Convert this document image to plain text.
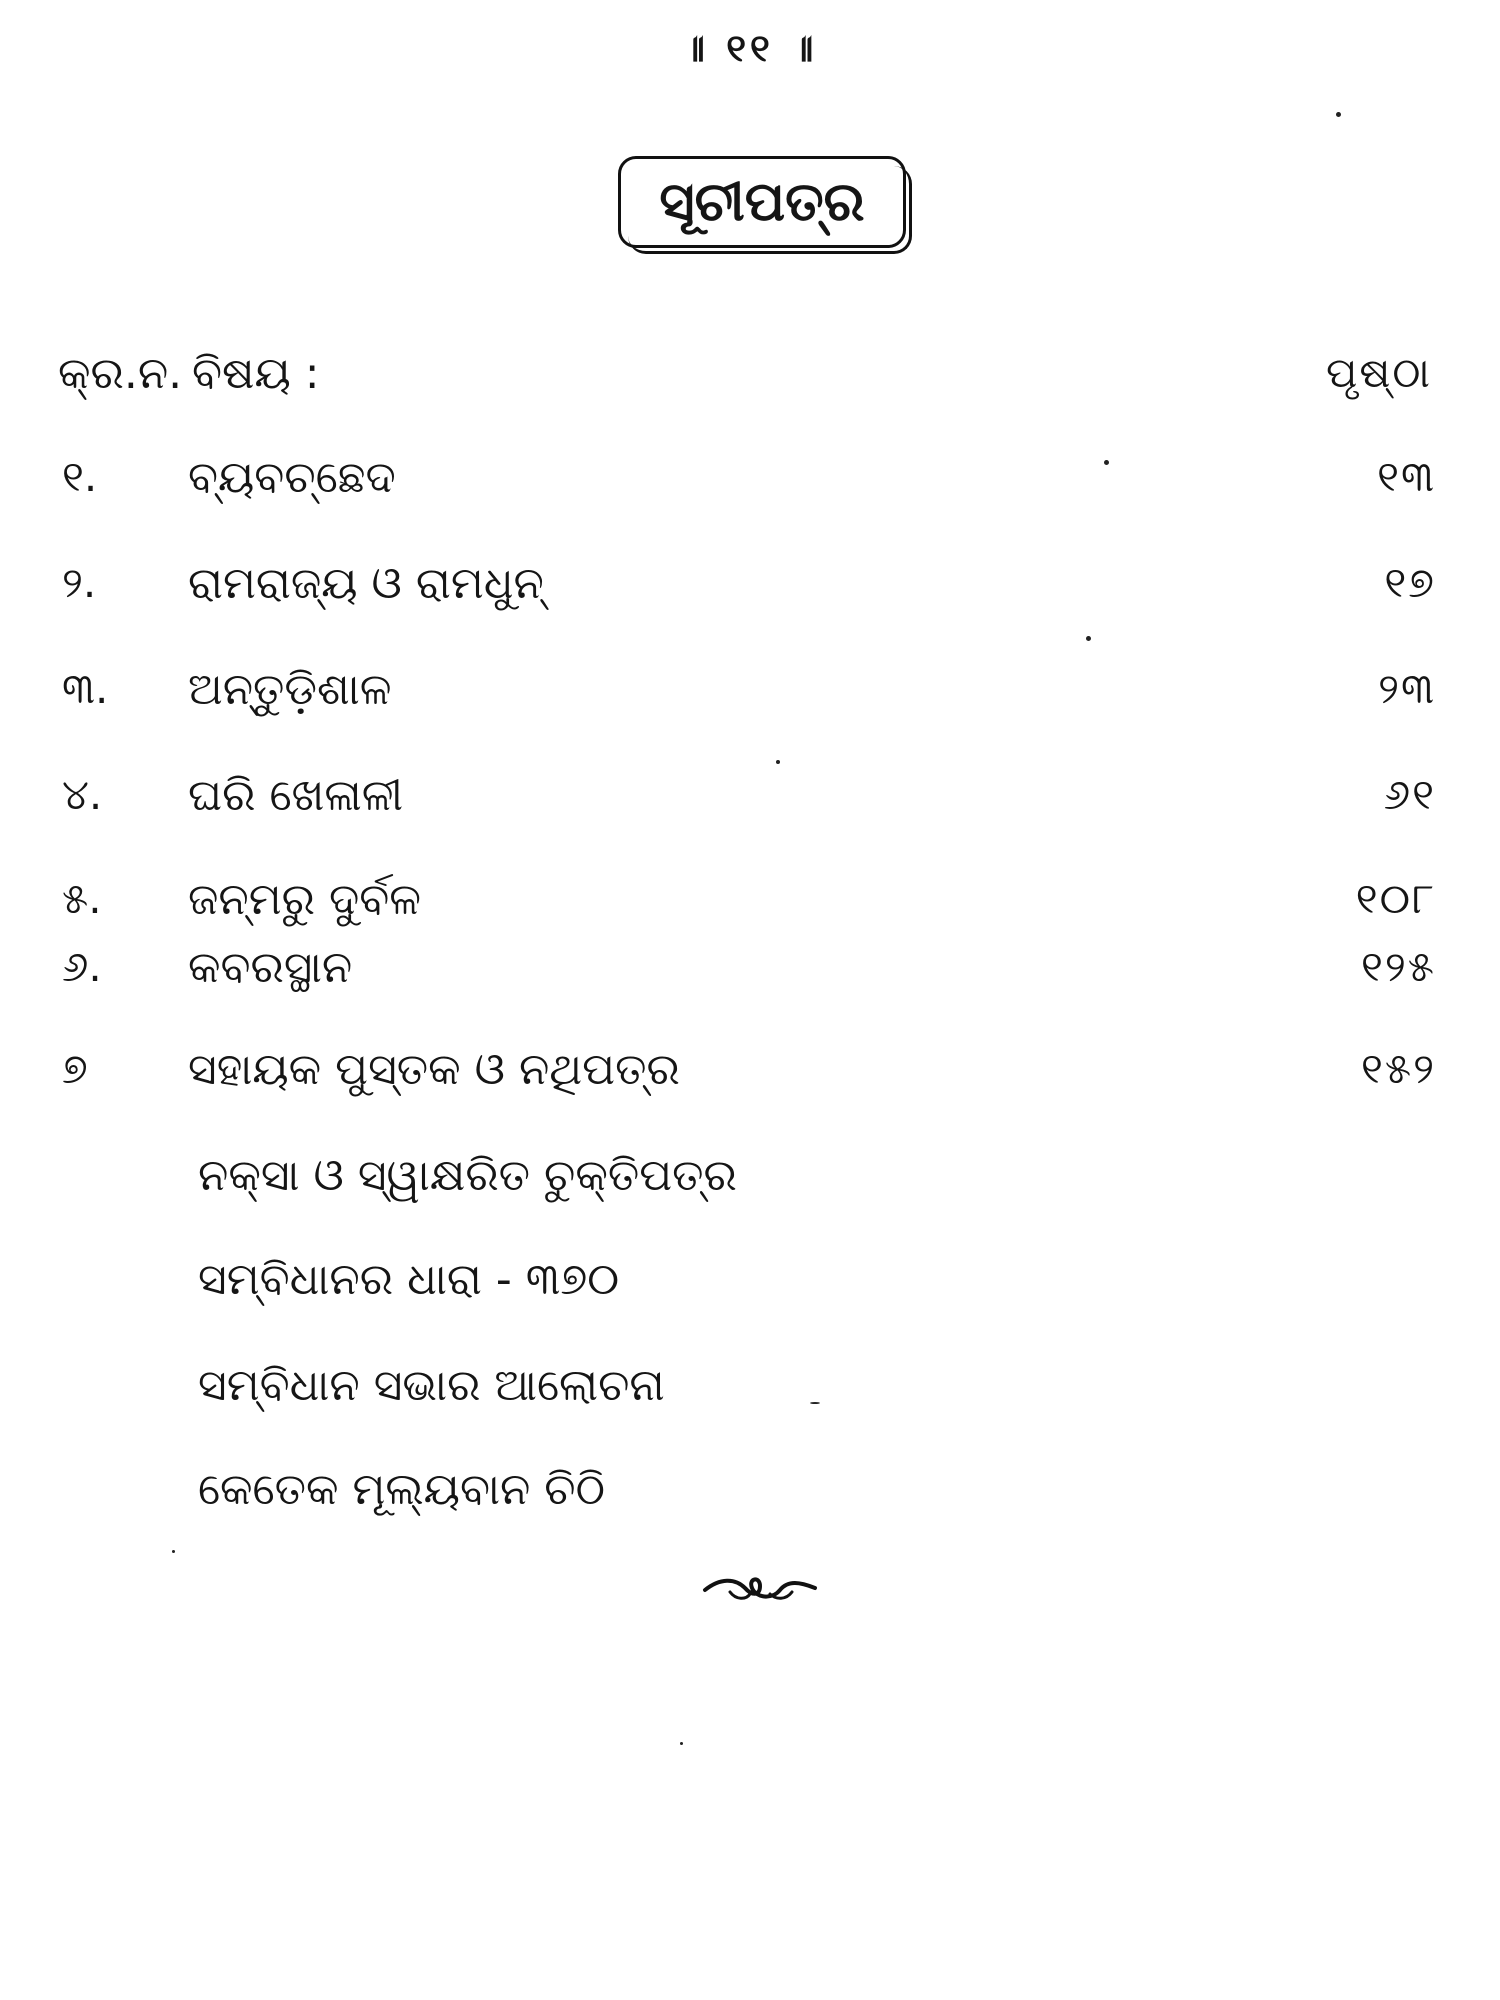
॥ ୧୧ ॥
ସୂଚୀପତ୍ର
କ୍ର.ନ. ବିଷୟ :	ପୃଷ୍ଠା
୧. ବ୍ୟବଚ୍ଛେଦ	୧୩
୨. ରାମରାଜ୍ୟ ଓ ରାମଧୁନ୍	୧୭
୩. ଅନ୍ତୁଡ଼ିଶାଳ	୨୩
୪. ଘରି ଖେଳାଳୀ	୬୧
୫. ଜନ୍ମରୁ ଦୁର୍ବଳ	୧୦୮
୬. କବରସ୍ଥାନ	୧୨୫
୭ ସହାୟକ ପୁସ୍ତକ ଓ ନଥିପତ୍ର	୧୫୨
ନକ୍‌ସା ଓ ସ୍ୱାକ୍ଷରିତ ଚୁକ୍ତିପତ୍ର
ସମ୍ବିଧାନର ଧାରା - ୩୭୦
ସମ୍ବିଧାନ ସଭାର ଆଲୋଚନା
କେତେକ ମୂଲ୍ୟବାନ ଚିଠି
